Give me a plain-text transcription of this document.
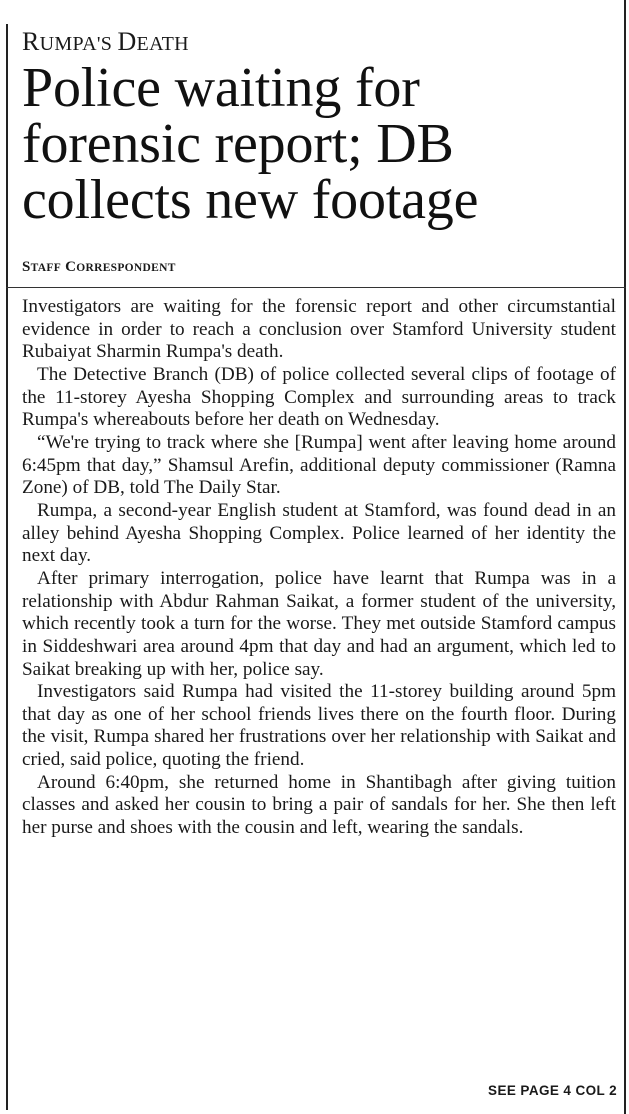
RUMPA'S DEATH
Police waiting for
forensic report; DB
collects new footage
STAFF CORRESPONDENT

Investigators are waiting for the forensic report and other circumstantial evidence in order to reach a conclusion over Stamford University student Rubaiyat Sharmin Rumpa's death.

The Detective Branch (DB) of police collected several clips of footage of the 11-storey Ayesha Shopping Complex and surrounding areas to track Rumpa's whereabouts before her death on Wednesday.

“We're trying to track where she [Rumpa] went after leaving home around 6:45pm that day,” Shamsul Arefin, additional deputy commissioner (Ramna Zone) of DB, told The Daily Star.

Rumpa, a second-year English student at Stamford, was found dead in an alley behind Ayesha Shopping Complex. Police learned of her identity the next day.

After primary interrogation, police have learnt that Rumpa was in a relationship with Abdur Rahman Saikat, a former student of the university, which recently took a turn for the worse. They met outside Stamford campus in Siddeshwari area around 4pm that day and had an argument, which led to Saikat breaking up with her, police say.

Investigators said Rumpa had visited the 11-storey building around 5pm that day as one of her school friends lives there on the fourth floor. During the visit, Rumpa shared her frustrations over her relationship with Saikat and cried, said police, quoting the friend.

Around 6:40pm, she returned home in Shantibagh after giving tuition classes and asked her cousin to bring a pair of sandals for her. She then left her purse and shoes with the cousin and left, wearing the sandals.

SEE PAGE 4 COL 2
